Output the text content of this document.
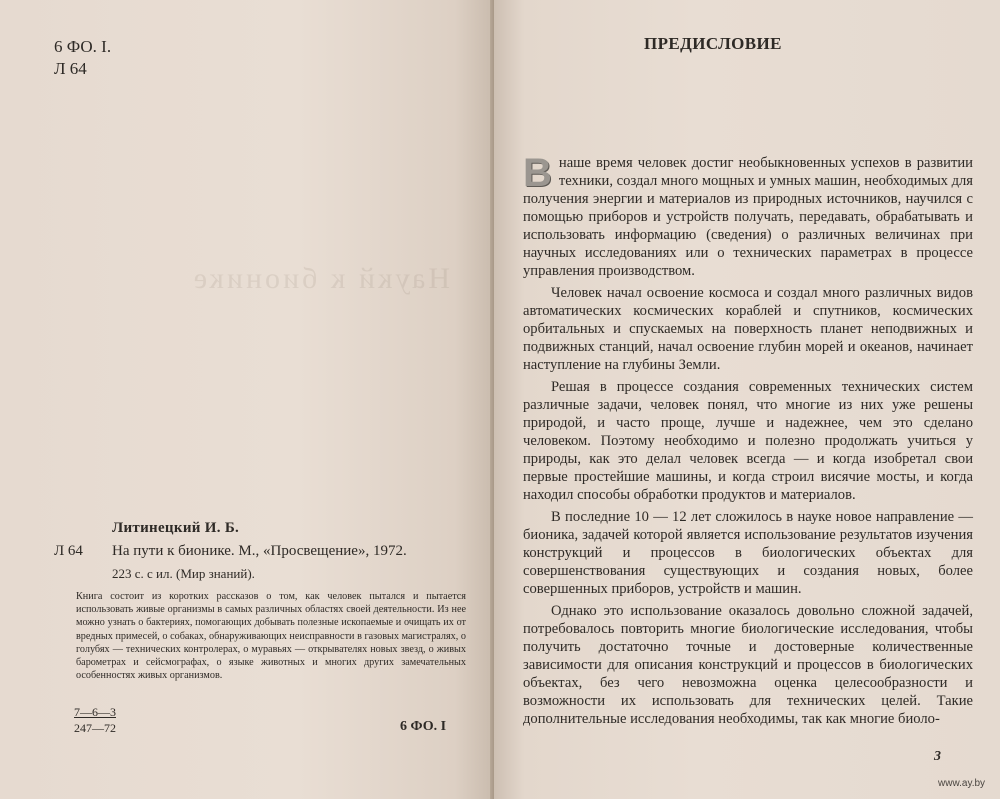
Наукй к бионике
6 ФО. I.
Л 64
Литинецкий И. Б.
Л 64	На пути к бионике. М., «Просвещение», 1972.
223 с. с ил. (Мир знаний).
Книга состоит из коротких рассказов о том, как человек пытался и пытается использовать живые организмы в самых различных областях своей деятельности. Из нее можно узнать о бактериях, помогающих добывать полезные ископаемые и очищать их от вредных примесей, о собаках, обнаруживающих неисправности в газовых магистралях, о голубях — технических контролерах, о муравьях — открывателях новых звезд, о живых барометрах и сейсмографах, о языке животных и многих других замечательных особенностях живых организмов.
7—6—3
247—72	6 ФО. I
ПРЕДИСЛОВИЕ

В наше время человек достиг необыкновенных успехов в развитии техники, создал много мощных и умных машин, необходимых для получения энергии и материалов из природных источников, научился с помощью приборов и устройств получать, передавать, обрабатывать и использовать информацию (сведения) о различных величинах при научных исследованиях или о технических параметрах в процессе управления производством.

Человек начал освоение космоса и создал много различных видов автоматических космических кораблей и спутников, космических орбитальных и спускаемых на поверхность планет неподвижных и подвижных станций, начал освоение глубин морей и океанов, начинает наступление на глубины Земли.

Решая в процессе создания современных технических систем различные задачи, человек понял, что многие из них уже решены природой, и часто проще, лучше и надежнее, чем это сделано человеком. Поэтому необходимо и полезно продолжать учиться у природы, как это делал человек всегда — и когда изобретал свои первые простейшие машины, и когда строил висячие мосты, и когда находил способы обработки продуктов и материалов.

В последние 10 — 12 лет сложилось в науке новое направление — бионика, задачей которой является использование результатов изучения конструкций и процессов в биологических объектах для совершенствования существующих и создания новых, более совершенных приборов, устройств и машин.

Однако это использование оказалось довольно сложной задачей, потребовалось повторить многие биологические исследования, чтобы получить достаточно точные и достоверные количественные зависимости для описания конструкций и процессов в биологических объектах, без чего невозможна оценка целесообразности и возможности их использовать для технических целей. Такие дополнительные исследования необходимы, так как многие биоло-

3
www.ay.by
